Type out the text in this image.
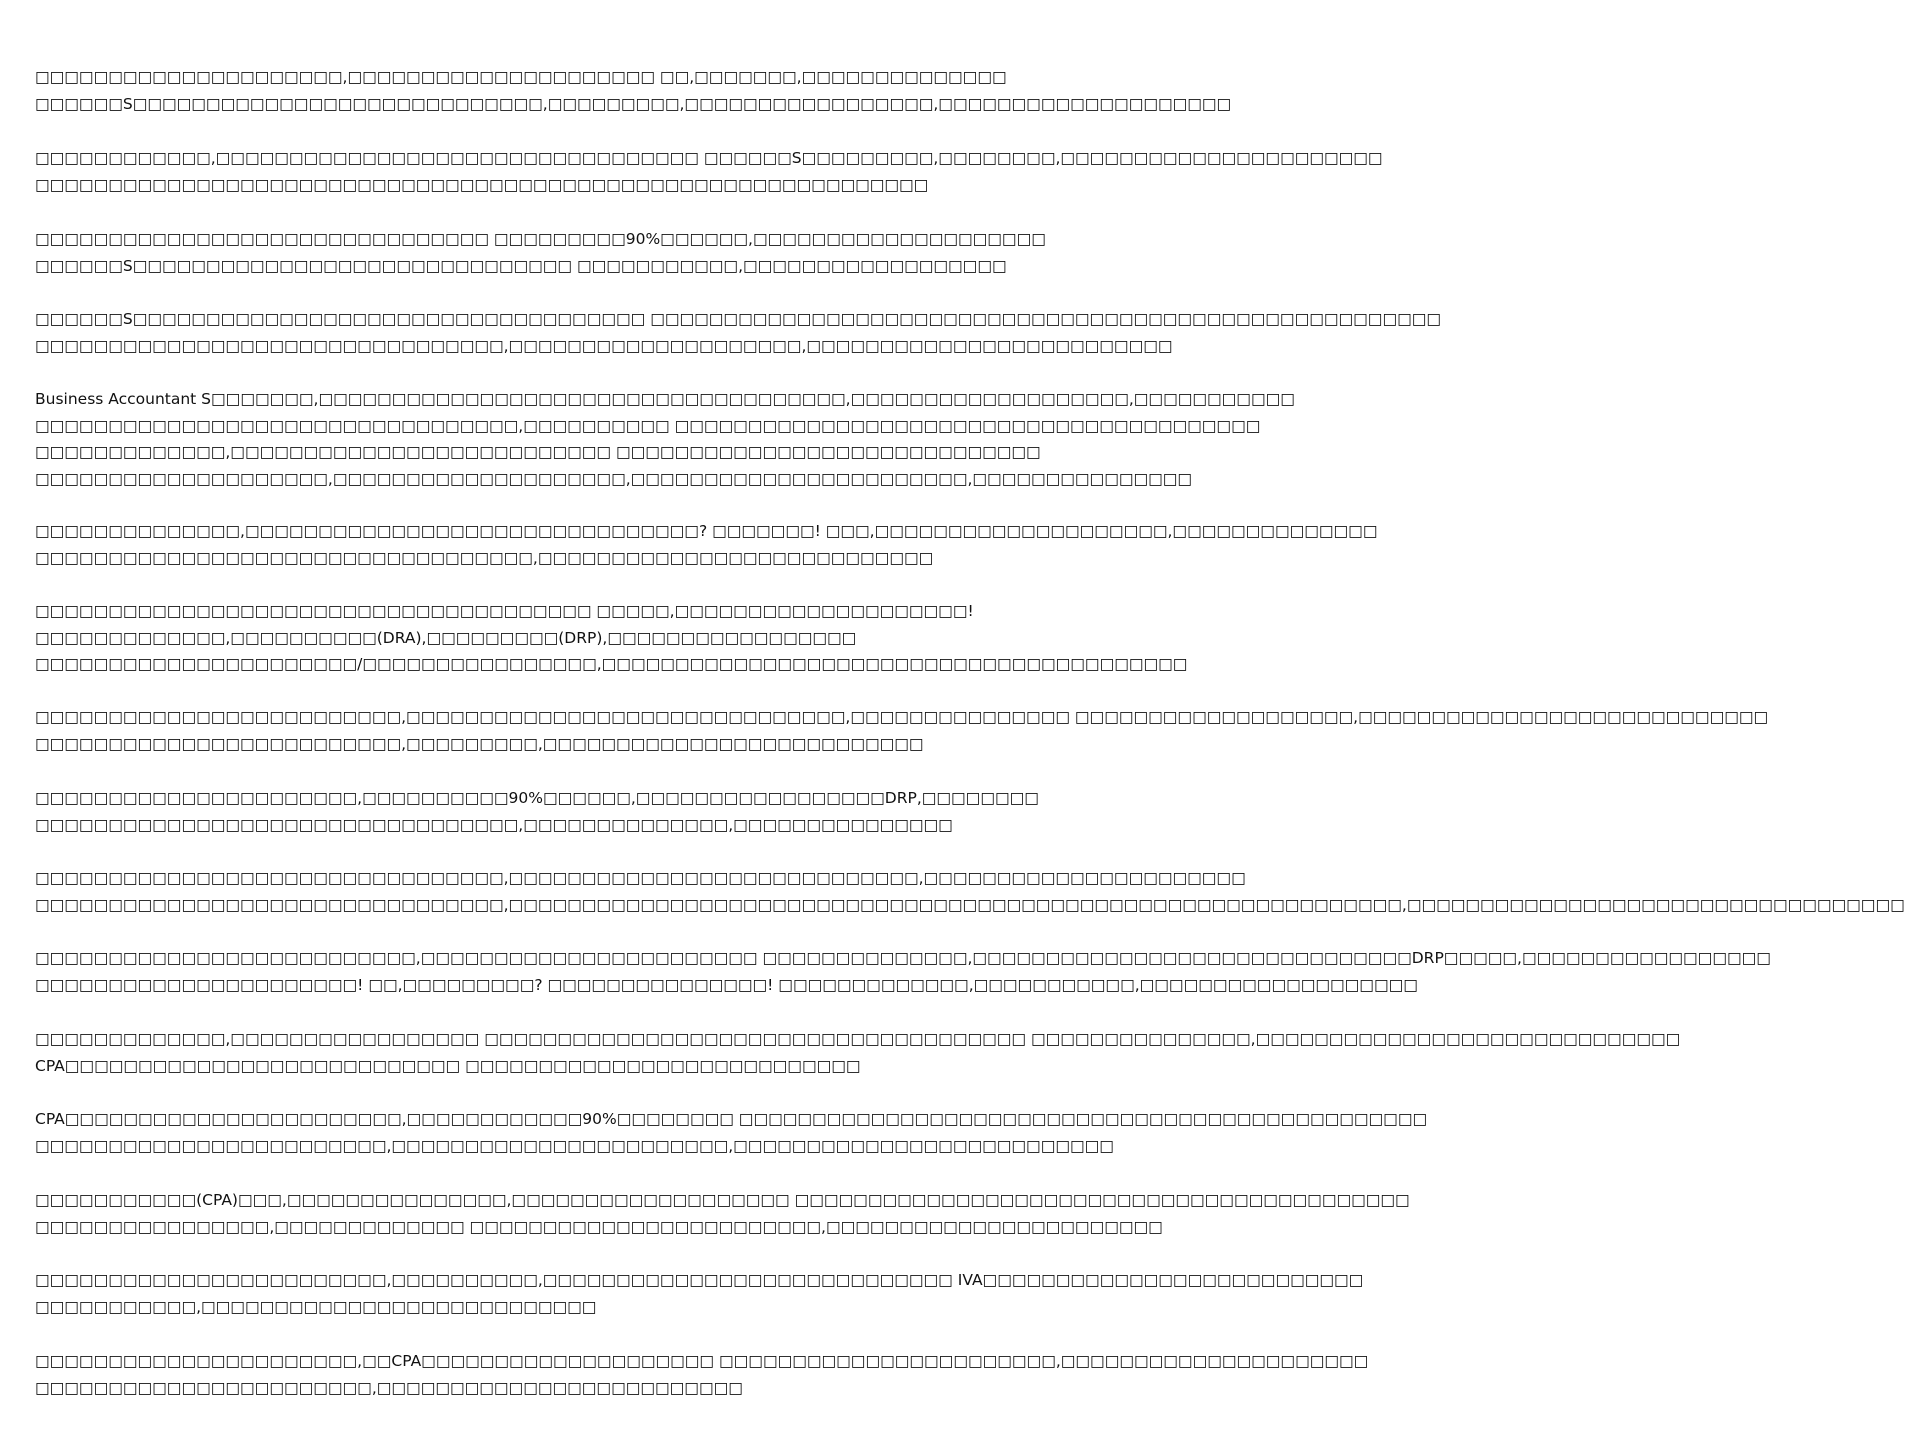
□□□□□□□□□□□□□□□□□□□□□,□□□□□□□□□□□□□□□□□□□□□ □□,□□□□□□□,□□□□□□□□□□□□□□
□□□□□□S□□□□□□□□□□□□□□□□□□□□□□□□□□□□,□□□□□□□□□,□□□□□□□□□□□□□□□□□,□□□□□□□□□□□□□□□□□□□□
□□□□□□□□□□□□,□□□□□□□□□□□□□□□□□□□□□□□□□□□□□□□□□ □□□□□□S□□□□□□□□□,□□□□□□□□,□□□□□□□□□□□□□□□□□□□□□□
□□□□□□□□□□□□□□□□□□□□□□□□□□□□□□□□□□□□□□□□□□□□□□□□□□□□□□□□□□□□□
□□□□□□□□□□□□□□□□□□□□□□□□□□□□□□□ □□□□□□□□□90%□□□□□□,□□□□□□□□□□□□□□□□□□□□
□□□□□□S□□□□□□□□□□□□□□□□□□□□□□□□□□□□□□ □□□□□□□□□□□,□□□□□□□□□□□□□□□□□□
□□□□□□S□□□□□□□□□□□□□□□□□□□□□□□□□□□□□□□□□□□ □□□□□□□□□□□□□□□□□□□□□□□□□□□□□□□□□□□□□□□□□□□□□□□□□□□□□□
□□□□□□□□□□□□□□□□□□□□□□□□□□□□□□□□,□□□□□□□□□□□□□□□□□□□□,□□□□□□□□□□□□□□□□□□□□□□□□□
Business Accountant S□□□□□□□,□□□□□□□□□□□□□□□□□□□□□□□□□□□□□□□□□□□□,□□□□□□□□□□□□□□□□□□□,□□□□□□□□□□□
□□□□□□□□□□□□□□□□□□□□□□□□□□□□□□□□□,□□□□□□□□□□ □□□□□□□□□□□□□□□□□□□□□□□□□□□□□□□□□□□□□□□□
□□□□□□□□□□□□□,□□□□□□□□□□□□□□□□□□□□□□□□□□ □□□□□□□□□□□□□□□□□□□□□□□□□□□□□
□□□□□□□□□□□□□□□□□□□□,□□□□□□□□□□□□□□□□□□□□,□□□□□□□□□□□□□□□□□□□□□□□,□□□□□□□□□□□□□□□
□□□□□□□□□□□□□□,□□□□□□□□□□□□□□□□□□□□□□□□□□□□□□□? □□□□□□□! □□□,□□□□□□□□□□□□□□□□□□□□,□□□□□□□□□□□□□□
□□□□□□□□□□□□□□□□□□□□□□□□□□□□□□□□□□,□□□□□□□□□□□□□□□□□□□□□□□□□□□
□□□□□□□□□□□□□□□□□□□□□□□□□□□□□□□□□□□□□□ □□□□□,□□□□□□□□□□□□□□□□□□□□!
□□□□□□□□□□□□□,□□□□□□□□□□(DRA),□□□□□□□□□(DRP),□□□□□□□□□□□□□□□□□
□□□□□□□□□□□□□□□□□□□□□□/□□□□□□□□□□□□□□□□,□□□□□□□□□□□□□□□□□□□□□□□□□□□□□□□□□□□□□□□□
□□□□□□□□□□□□□□□□□□□□□□□□□,□□□□□□□□□□□□□□□□□□□□□□□□□□□□□□,□□□□□□□□□□□□□□□ □□□□□□□□□□□□□□□□□□□,□□□□□□□□□□□□□□□□□□□□□□□□□□□□
□□□□□□□□□□□□□□□□□□□□□□□□□,□□□□□□□□□,□□□□□□□□□□□□□□□□□□□□□□□□□□
□□□□□□□□□□□□□□□□□□□□□□,□□□□□□□□□□90%□□□□□□,□□□□□□□□□□□□□□□□□DRP,□□□□□□□□
□□□□□□□□□□□□□□□□□□□□□□□□□□□□□□□□□,□□□□□□□□□□□□□□,□□□□□□□□□□□□□□□
□□□□□□□□□□□□□□□□□□□□□□□□□□□□□□□□,□□□□□□□□□□□□□□□□□□□□□□□□□□□□,□□□□□□□□□□□□□□□□□□□□□□
□□□□□□□□□□□□□□□□□□□□□□□□□□□□□□□□,□□□□□□□□□□□□□□□□□□□□□□□□□□□□□□□□□□□□□□□□□□□□□□□□□□□□□□□□□□□□□,□□□□□□□□□□□□□□□□□□□□□□□□□□□□□□□□□□
□□□□□□□□□□□□□□□□□□□□□□□□□□,□□□□□□□□□□□□□□□□□□□□□□□ □□□□□□□□□□□□□□,□□□□□□□□□□□□□□□□□□□□□□□□□□□□□□DRP□□□□□,□□□□□□□□□□□□□□□□□
□□□□□□□□□□□□□□□□□□□□□□! □□,□□□□□□□□□? □□□□□□□□□□□□□□□! □□□□□□□□□□□□□,□□□□□□□□□□□,□□□□□□□□□□□□□□□□□□□
□□□□□□□□□□□□□,□□□□□□□□□□□□□□□□□ □□□□□□□□□□□□□□□□□□□□□□□□□□□□□□□□□□□□□ □□□□□□□□□□□□□□□,□□□□□□□□□□□□□□□□□□□□□□□□□□□□□
CPA□□□□□□□□□□□□□□□□□□□□□□□□□□□ □□□□□□□□□□□□□□□□□□□□□□□□□□□
CPA□□□□□□□□□□□□□□□□□□□□□□□,□□□□□□□□□□□□90%□□□□□□□□ □□□□□□□□□□□□□□□□□□□□□□□□□□□□□□□□□□□□□□□□□□□□□□□
□□□□□□□□□□□□□□□□□□□□□□□□,□□□□□□□□□□□□□□□□□□□□□□□,□□□□□□□□□□□□□□□□□□□□□□□□□□
□□□□□□□□□□□(CPA)□□□,□□□□□□□□□□□□□□□,□□□□□□□□□□□□□□□□□□□ □□□□□□□□□□□□□□□□□□□□□□□□□□□□□□□□□□□□□□□□□□
□□□□□□□□□□□□□□□□,□□□□□□□□□□□□□ □□□□□□□□□□□□□□□□□□□□□□□□,□□□□□□□□□□□□□□□□□□□□□□□
□□□□□□□□□□□□□□□□□□□□□□□□,□□□□□□□□□□,□□□□□□□□□□□□□□□□□□□□□□□□□□□□ IVA□□□□□□□□□□□□□□□□□□□□□□□□□□
□□□□□□□□□□□,□□□□□□□□□□□□□□□□□□□□□□□□□□□
□□□□□□□□□□□□□□□□□□□□□□,□□CPA□□□□□□□□□□□□□□□□□□□□ □□□□□□□□□□□□□□□□□□□□□□□,□□□□□□□□□□□□□□□□□□□□□
□□□□□□□□□□□□□□□□□□□□□□□,□□□□□□□□□□□□□□□□□□□□□□□□□
